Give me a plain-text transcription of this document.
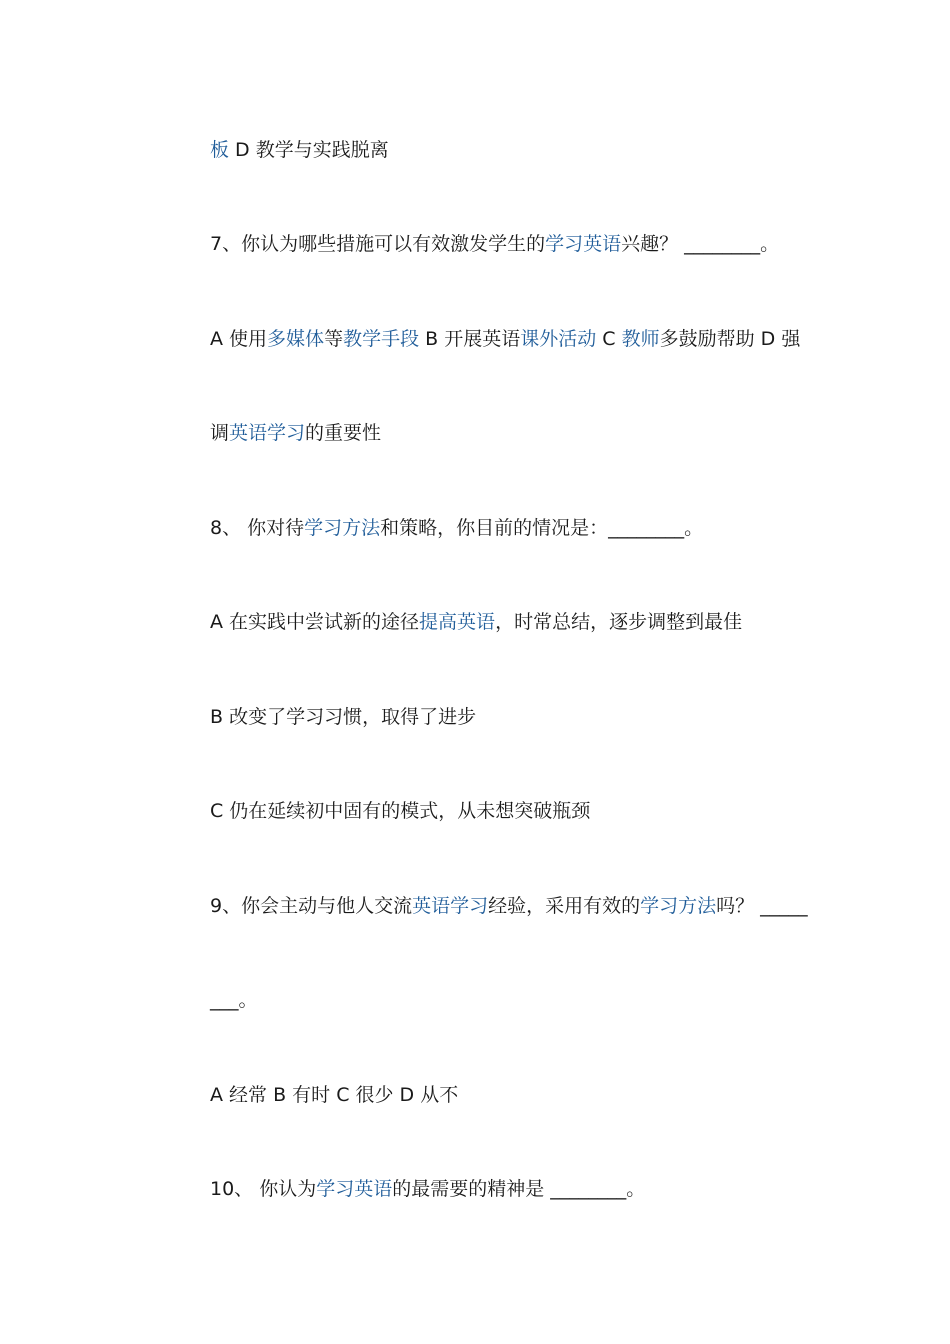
板 D 教学与实践脱离
7、你认为哪些措施可以有效激发学生的学习英语兴趣？ ________。
A 使用多媒体等教学手段 B 开展英语课外活动 C 教师多鼓励帮助 D 强
调英语学习的重要性
8、 你对待学习方法和策略，你目前的情况是：________。
A 在实践中尝试新的途径提高英语，时常总结，逐步调整到最佳
B 改变了学习习惯，取得了进步
C 仍在延续初中固有的模式，从未想突破瓶颈
9、你会主动与他人交流英语学习经验，采用有效的学习方法吗？ _____
___。
A 经常 B 有时 C 很少 D 从不
10、 你认为学习英语的最需要的精神是 ________。
